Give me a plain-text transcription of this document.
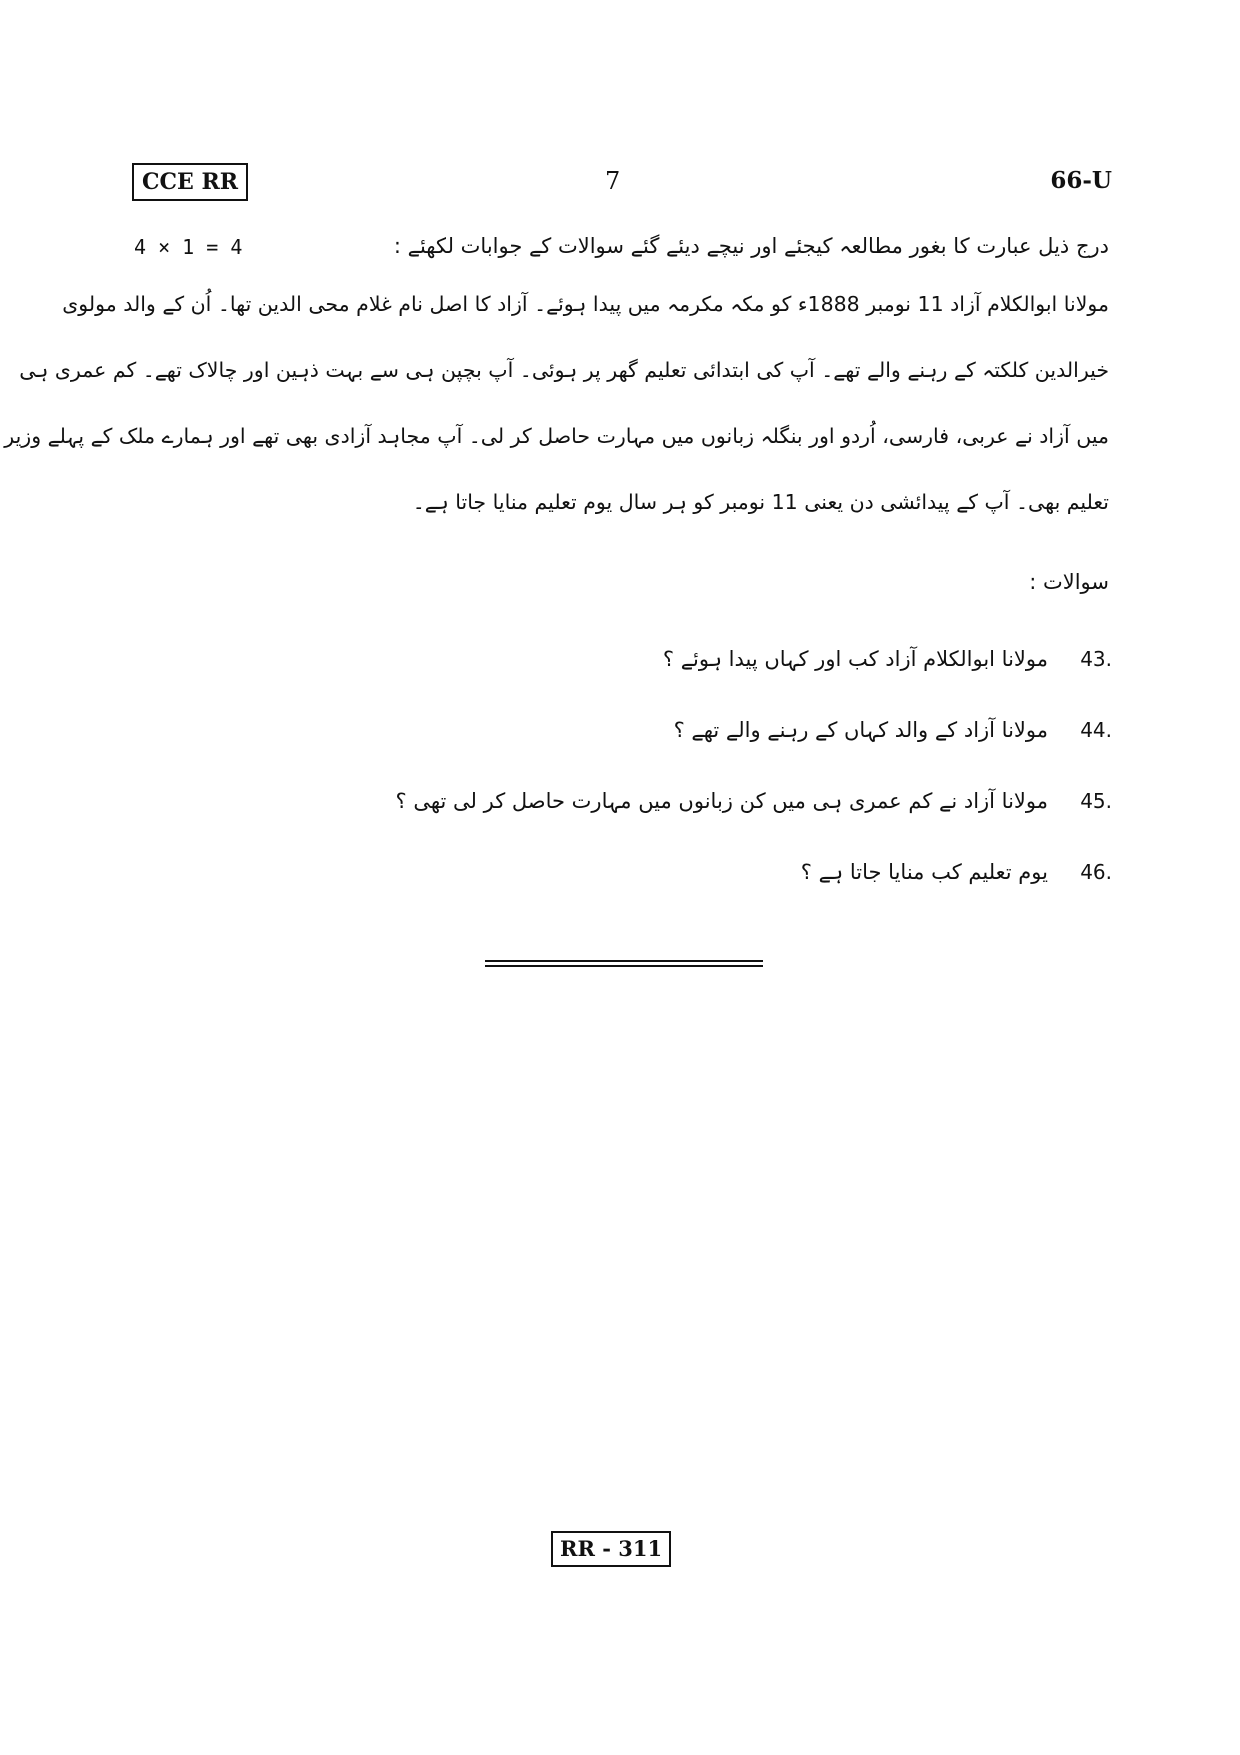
CCE RR	7	66-U
4 × 1 = 4	درج ذیل عبارت کا بغور مطالعہ کیجئے اور نیچے دیئے گئے سوالات کے جوابات لکھئے :
مولانا ابوالکلام آزاد 11 نومبر 1888ء کو مکہ مکرمہ میں پیدا ہوئے۔ آزاد کا اصل نام غلام محی الدین تھا۔ اُن کے والد مولوی
خیرالدین کلکتہ کے رہنے والے تھے۔ آپ کی ابتدائی تعلیم گھر پر ہوئی۔ آپ بچپن ہی سے بہت ذہین اور چالاک تھے۔ کم عمری ہی
میں آزاد نے عربی، فارسی، اُردو اور بنگلہ زبانوں میں مہارت حاصل کر لی۔ آپ مجاہد آزادی بھی تھے اور ہمارے ملک کے پہلے وزیر
تعلیم بھی۔ آپ کے پیدائشی دن یعنی 11 نومبر کو ہر سال یوم تعلیم منایا جاتا ہے۔
سوالات :
مولانا ابوالکلام آزاد کب اور کہاں پیدا ہوئے ؟	43.
مولانا آزاد کے والد کہاں کے رہنے والے تھے ؟	44.
مولانا آزاد نے کم عمری ہی میں کن زبانوں میں مہارت حاصل کر لی تھی ؟	45.
یوم تعلیم کب منایا جاتا ہے ؟	46.
RR - 311
